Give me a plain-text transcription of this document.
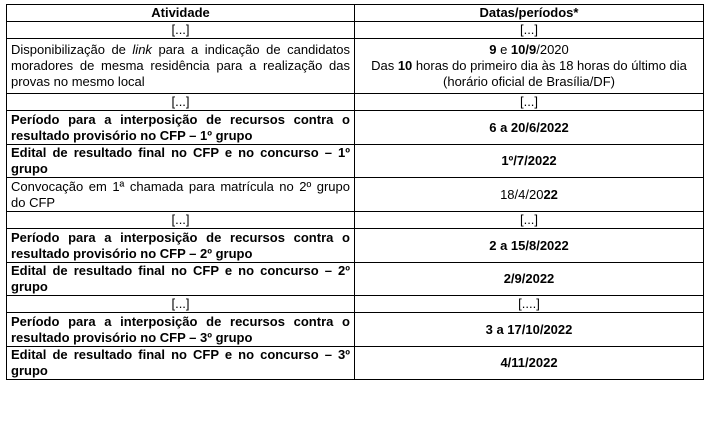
Atividade	Datas/períodos*
[...]	[...]
Disponibilização de link para a indicação de candidatos moradores de mesma residência para a realização das provas no mesmo local	9 e 10/9/2020
Das 10 horas do primeiro dia às 18 horas do último dia (horário oficial de Brasília/DF)

[...]	[...]
Período para a interposição de recursos contra o resultado provisório no CFP – 1º grupo	6 a 20/6/2022
Edital de resultado final no CFP e no concurso – 1º grupo	1º/7/2022
Convocação em 1ª chamada para matrícula no 2º grupo do CFP	18/4/2022
[...]	[...]
Período para a interposição de recursos contra o resultado provisório no CFP – 2º grupo	2 a 15/8/2022
Edital de resultado final no CFP e no concurso – 2º grupo	2/9/2022
[...]	[....]
Período para a interposição de recursos contra o resultado provisório no CFP – 3º grupo	3 a 17/10/2022
Edital de resultado final no CFP e no concurso – 3º grupo	4/11/2022
